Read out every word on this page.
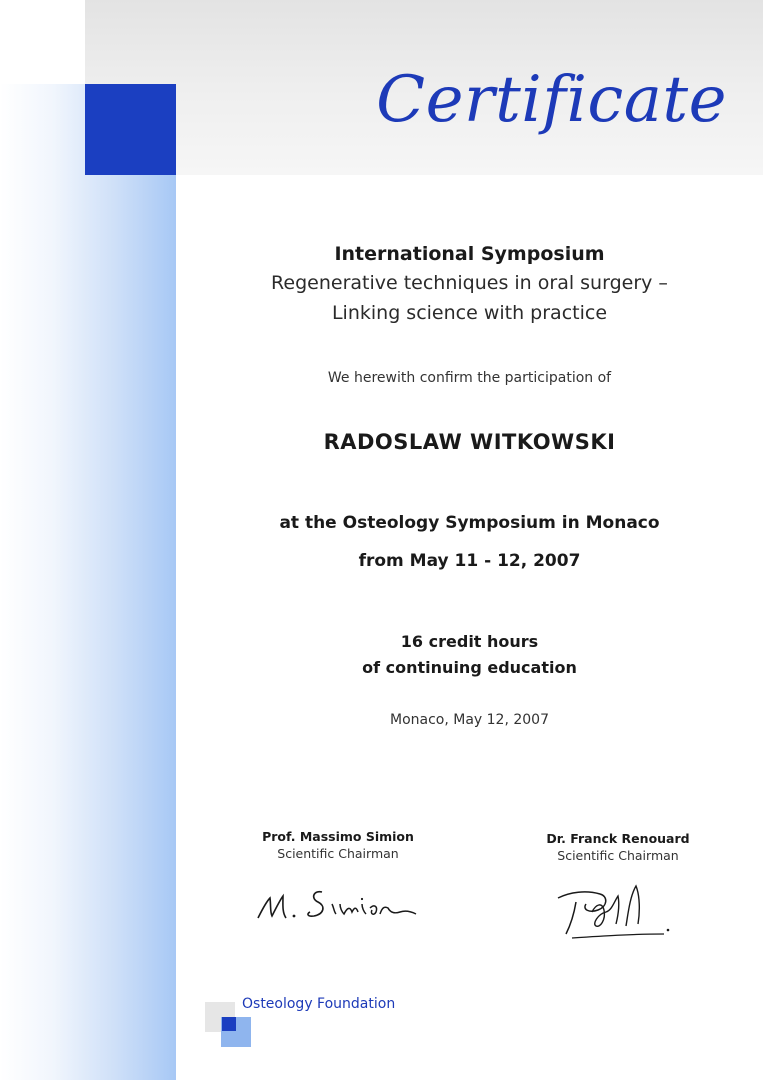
Certificate
International Symposium
Regenerative techniques in oral surgery –
Linking science with practice
We herewith confirm the participation of
RADOSLAW WITKOWSKI
at the Osteology Symposium in Monaco
from May 11 - 12, 2007
16 credit hours
of continuing education
Monaco, May 12, 2007
Prof. Massimo Simion
Scientific Chairman
Dr. Franck Renouard
Scientific Chairman
Osteology Foundation
